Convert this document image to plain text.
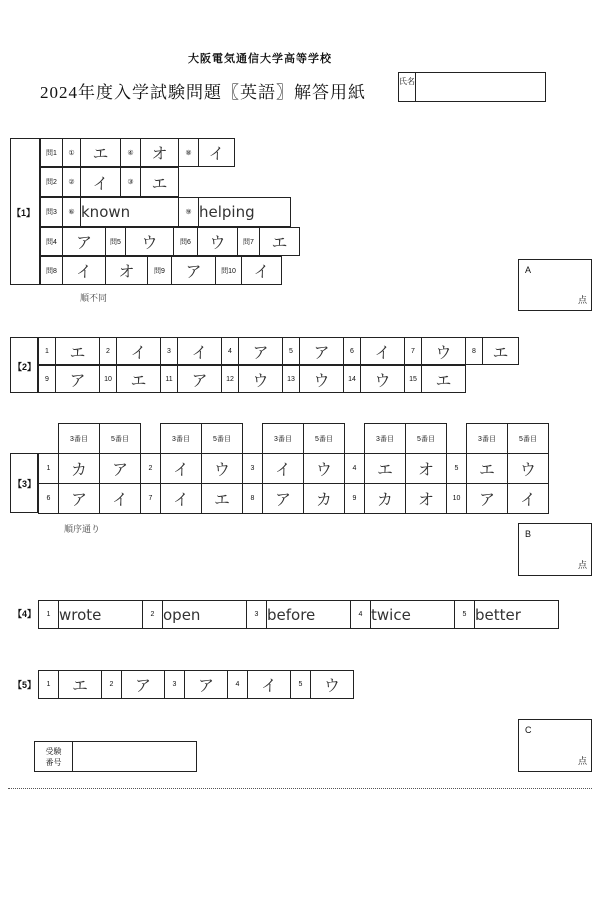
大阪電気通信大学高等学校
2024年度入学試験問題〖英語〗解答用紙
氏名
【1】
問1	①	エ	④	オ	⑧	イ
問2	②	イ	③	エ
問3	⑥	known	⑨	helping
問4	ア	問5	ウ	問6	ウ	問7	エ
問8	イ	オ	問9	ア	問10	イ
順不同
A
点
【2】
1	エ	2	イ	3	イ	4	ア	5	ア	6	イ	7	ウ	8	エ
9	ア	10	エ	11	ア	12	ウ	13	ウ	14	ウ	15	エ
【3】
	3番目	5番目		3番目	5番目		3番目	5番目		3番目	5番目		3番目	5番目
1	カ	ア	2	イ	ウ	3	イ	ウ	4	エ	オ	5	エ	ウ
6	ア	イ	7	イ	エ	8	ア	カ	9	カ	オ	10	ア	イ
順序通り	B
点
【4】 1	wrote	2	open	3	before	4	twice	5	better
【5】 1	エ	2	ア	3	ア	4	イ	5	ウ
C
点
受験番号
